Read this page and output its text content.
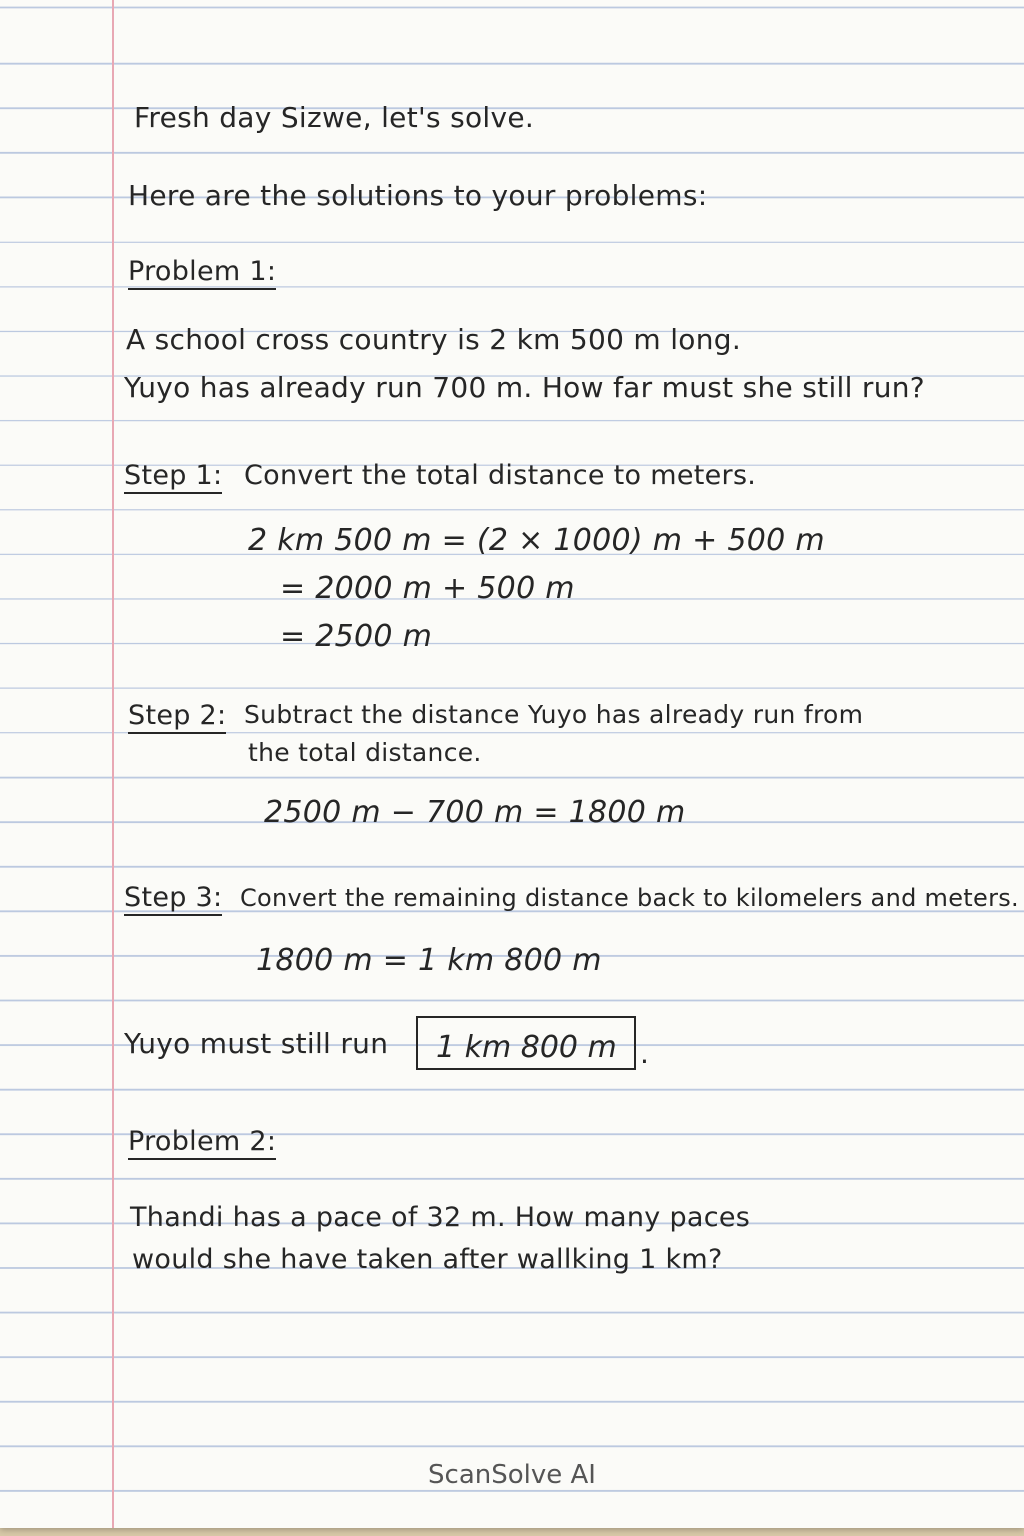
Fresh day Sizwe, let's solve.
Here are the solutions to your problems:
Problem 1:
A school cross country is 2 km 500 m long.
Yuyo has already run 700 m. How far must she still run?
Step 1: Convert the total distance to meters.
2 km 500 m = (2 × 1000) m + 500 m
= 2000 m + 500 m
= 2500 m
Step 2: Subtract the distance Yuyo has already run from
the total distance.
2500 m − 700 m = 1800 m
Step 3: Convert the remaining distance back to kilomelers and meters.
1800 m = 1 km 800 m
Yuyo must still run 1 km 800 m .
Problem 2:
Thandi has a pace of 32 m. How many paces
would she have taken after wallking 1 km?
ScanSolve AI
